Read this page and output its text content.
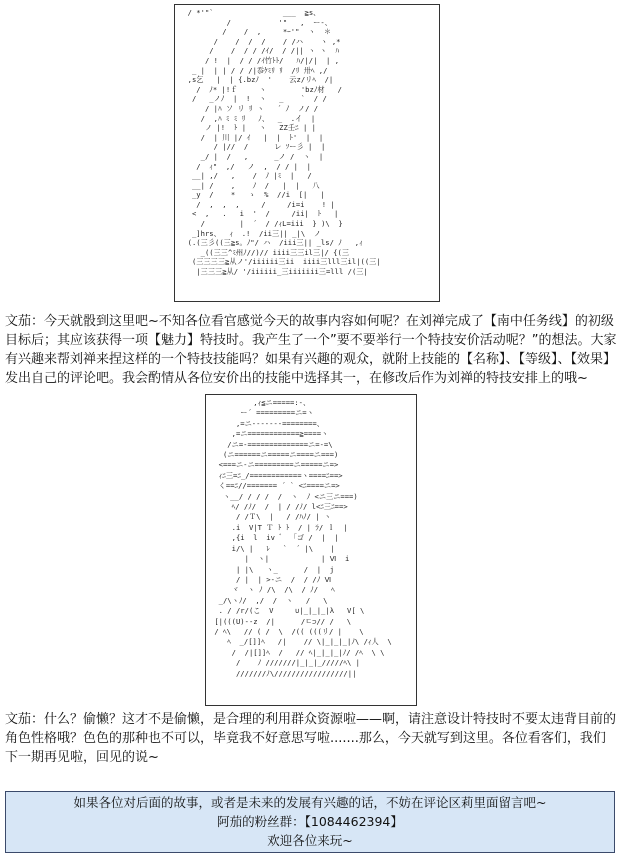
/ *'"`                ___  ≧s、
/           '"   ,  ー-、
/    /  ,     *ｰ'"  ヽ  ＊
/    /  /  /    / /ハ    ヽ ,*
/    /  / / /ｲ/  / /|| ヽ ヽ  ﾊ
/ !  |  / / /ｲ竹ﾄﾄ/   ﾊ/|/|  | ,
_ |  | | / / /|忝ｹﾐﾘ ﾘ  /ﾘ 卅ﾍ ,/
,s乞   |  | {.bzﾉ  '    云z/リﾍ  /|
/  ﾉ* |!ｆ     ヽ        'bzﾉ材   /
/   _ノﾉ  |  !  ヽ   _    `  / /
/ |ﾊ ソ リ ﾘ ヽ   ´ ﾉ  ノ/ /
/  ,ﾊ ﾐ ﾐ ﾘ   ﾉ、  _  .イ  |
ノ |!  ﾄ |   ヽ   ZZ壬ﾆ | |
/  | 川 |/ ｲ   |  |  ﾄ'  |  |
/ |//  /      レ ｿー彡 |  |
_/ |  /   ,      _ノ /  ヽ  |
/  ｨ"  ,/   ノ  ,  / / |  |
__| ,/   ,    /  ﾉ |ﾐ  |   /
__| /    ,    ﾉ  /   |  |   八
_y  /    *   ゝ  %  //i  [|   |
/  ,  ,  ,     /     /i=i    ! |
<  ,   .   i  '  /     /ii|  ﾄ   |
/        |  ´  / /ｨL=iii  } )\  }
_]hrs、  ｨ  .!  /ii三|| _|\  ノ
(.(三彡((三≧s。ﾉ"/ ハ  /iii三|| _ls/ ﾉ   ,ｨ
_((三三^ﾐ州ﾉ//)// iiii三三il三|/ {(三
(三三三三≧从ノ'/iiiiii三ii  iiii三lll三il|((三|
|三三三≧从/ '/iiiiii_三iiiiiii三=lll /(三|

文茄：今天就骰到这里吧~不知各位看官感觉今天的故事内容如何呢？在刘禅完成了【南中任务线】的初级目标后；其应该获得一项【魅力】特技时。我产生了一个”要不要举行一个特技安价活动呢？”的想法。大家有兴趣来帮刘禅来捏这样的一个特技技能吗？如果有兴趣的观众，就附上技能的【名称】、【等级】、【效果】发出自己的评论吧。我会酌情从各位安价出的技能中选择其一，在修改后作为刘禅的特技安排上的哦~

,ｨ≦ニ=====:-、
ー´ =========ニ=ヽ
,=ニ-------========、
,=ニ============≧====ヽ
/ニ=-==============ニ=-=\
(ニ======ニ=====ニ====ニ===)
<===ニ-ニ=========ニ=====ニ=>
ｨﾆ三=ﾆ_/============ヽ====ﾆ==>
く==ﾆ//======= ´ ` <ﾆ====ニ=>
ヽ__/ / / /  /  ヽ  ﾉ <ニ三ニ===)
ﾍ/ /ﾉ/  /  | / /ﾉ/ l<ﾆ三ﾆ==>
/ /Ｔ\  |   / /ﾊﾉ/ | ヽ
.i  V|T Ｔ ﾄ ﾄ  / | ﾗ/ ｌ  |
,{i  l  iv  ゙  「ゴ /  |  |
i/\ |   ﾚ   `  ´ |\    |
|  ヽ|            | Ⅵ  i
| |\   ヽ_      /  |  j
/ |  | >-ニ  /  / /ﾉ Ⅵ
ヾ  ヽ ﾉ /\  /\  / ﾉ/   ﾍ
_/\ヽﾉ/  ,/  /  ヽ   /   \
. / /r/(こ  V     ∪|_|_|_|λ   V[ \
[|(((U)--z  /|      /ㄷ⊃// /   \
/ ﾍ\   // ( /  \  /(( (((リ/ |    \
ﾍ  _/[]]ﾍ   /|    // \|_|_|_|ﾉ\ /ｨ人  \
/  /|[]]ﾍ  /   // ﾍ|_|_|_|ﾉ/ /ﾍ  \ \
/    ﾉ ///////|_|_|_/////ﾍ\ |
///////ﾉ\/////////////////||

文茄：什么？偷懒？这才不是偷懒，是合理的利用群众资源啦——啊，请注意设计特技时不要太违背目前的角色性格哦？色色的那种也不可以，毕竟我不好意思写啦.......那么，今天就写到这里。各位看客们，我们下一期再见啦，回见的说~

如果各位对后面的故事，或者是未来的发展有兴趣的话，不妨在评论区莉里面留言吧~
阿茄的粉丝群：【1084462394】
欢迎各位来玩~
